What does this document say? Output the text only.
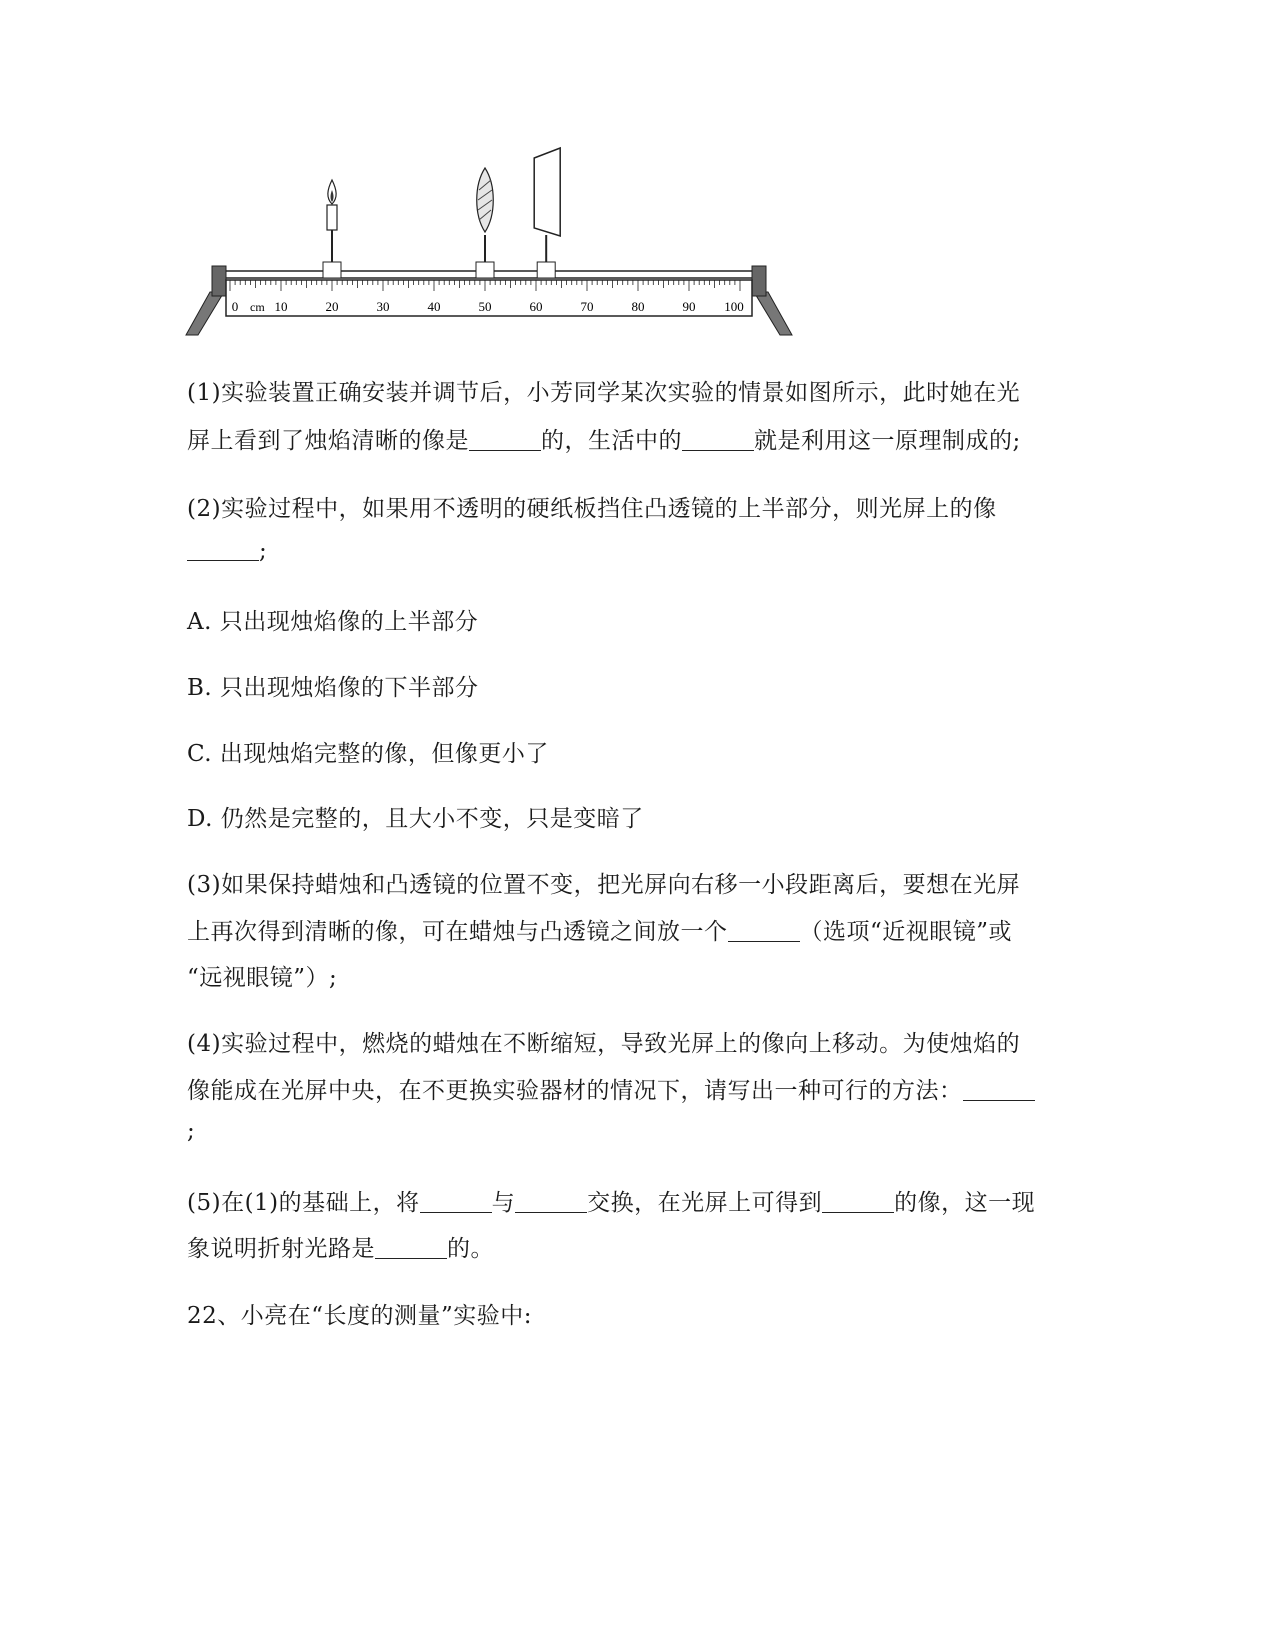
0	10	20	30	40	50	60	70	80	90 100
cm
(1)实验装置正确安装并调节后，小芳同学某次实验的情景如图所示，此时她在光
屏上看到了烛焰清晰的像是	的，生活中的	就是利用这一原理制成的;
(2)实验过程中，如果用不透明的硬纸板挡住凸透镜的上半部分，则光屏上的像
;
A. 只出现烛焰像的上半部分
B. 只出现烛焰像的下半部分
C. 出现烛焰完整的像，但像更小了
D. 仍然是完整的，且大小不变，只是变暗了
(3)如果保持蜡烛和凸透镜的位置不变，把光屏向右移一小段距离后，要想在光屏
上再次得到清晰的像，可在蜡烛与凸透镜之间放一个	（选项“近视眼镜”或
“远视眼镜”）;
(4)实验过程中，燃烧的蜡烛在不断缩短，导致光屏上的像向上移动。为使烛焰的
像能成在光屏中央，在不更换实验器材的情况下，请写出一种可行的方法：
;
(5)在(1)的基础上，将	与	交换，在光屏上可得到	的像，这一现
象说明折射光路是	的。
22、小亮在“长度的测量”实验中:
